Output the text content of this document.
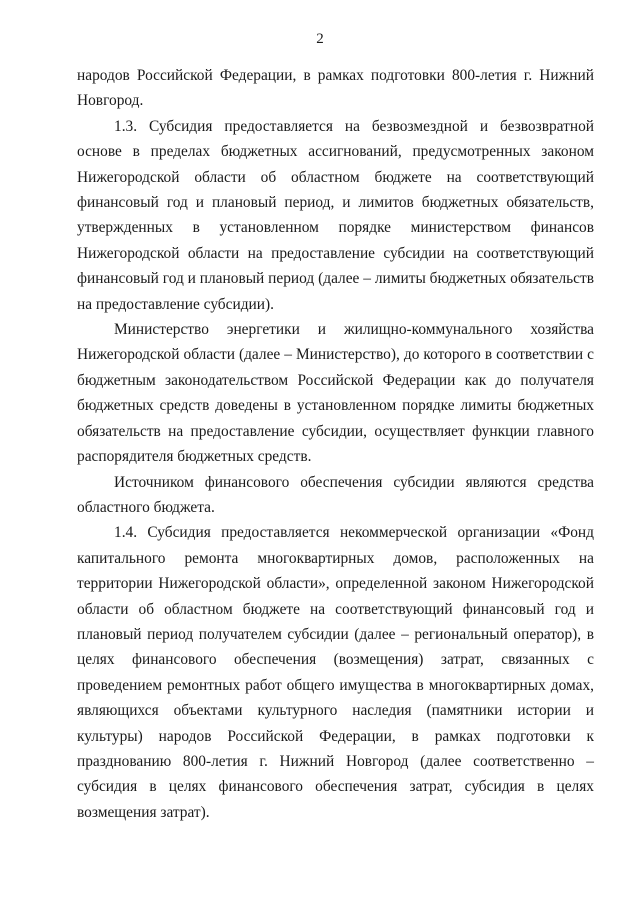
2

народов Российской Федерации, в рамках подготовки 800-летия г. Нижний Новгород.

1.3. Субсидия предоставляется на безвозмездной и безвозвратной основе в пределах бюджетных ассигнований, предусмотренных законом Нижегородской области об областном бюджете на соответствующий финансовый год и плановый период, и лимитов бюджетных обязательств, утвержденных в установленном порядке министерством финансов Нижегородской области на предоставление субсидии на соответствующий финансовый год и плановый период (далее – лимиты бюджетных обязательств на предоставление субсидии).

Министерство энергетики и жилищно-коммунального хозяйства Нижегородской области (далее – Министерство), до которого в соответствии с бюджетным законодательством Российской Федерации как до получателя бюджетных средств доведены в установленном порядке лимиты бюджетных обязательств на предоставление субсидии, осуществляет функции главного распорядителя бюджетных средств.

Источником финансового обеспечения субсидии являются средства областного бюджета.

1.4. Субсидия предоставляется некоммерческой организации «Фонд капитального ремонта многоквартирных домов, расположенных на территории Нижегородской области», определенной законом Нижегородской области об областном бюджете на соответствующий финансовый год и плановый период получателем субсидии (далее – региональный оператор), в целях финансового обеспечения (возмещения) затрат, связанных с проведением ремонтных работ общего имущества в многоквартирных домах, являющихся объектами культурного наследия (памятники истории и культуры) народов Российской Федерации, в рамках подготовки к празднованию 800-летия г. Нижний Новгород (далее соответственно – субсидия в целях финансового обеспечения затрат, субсидия в целях возмещения затрат).
